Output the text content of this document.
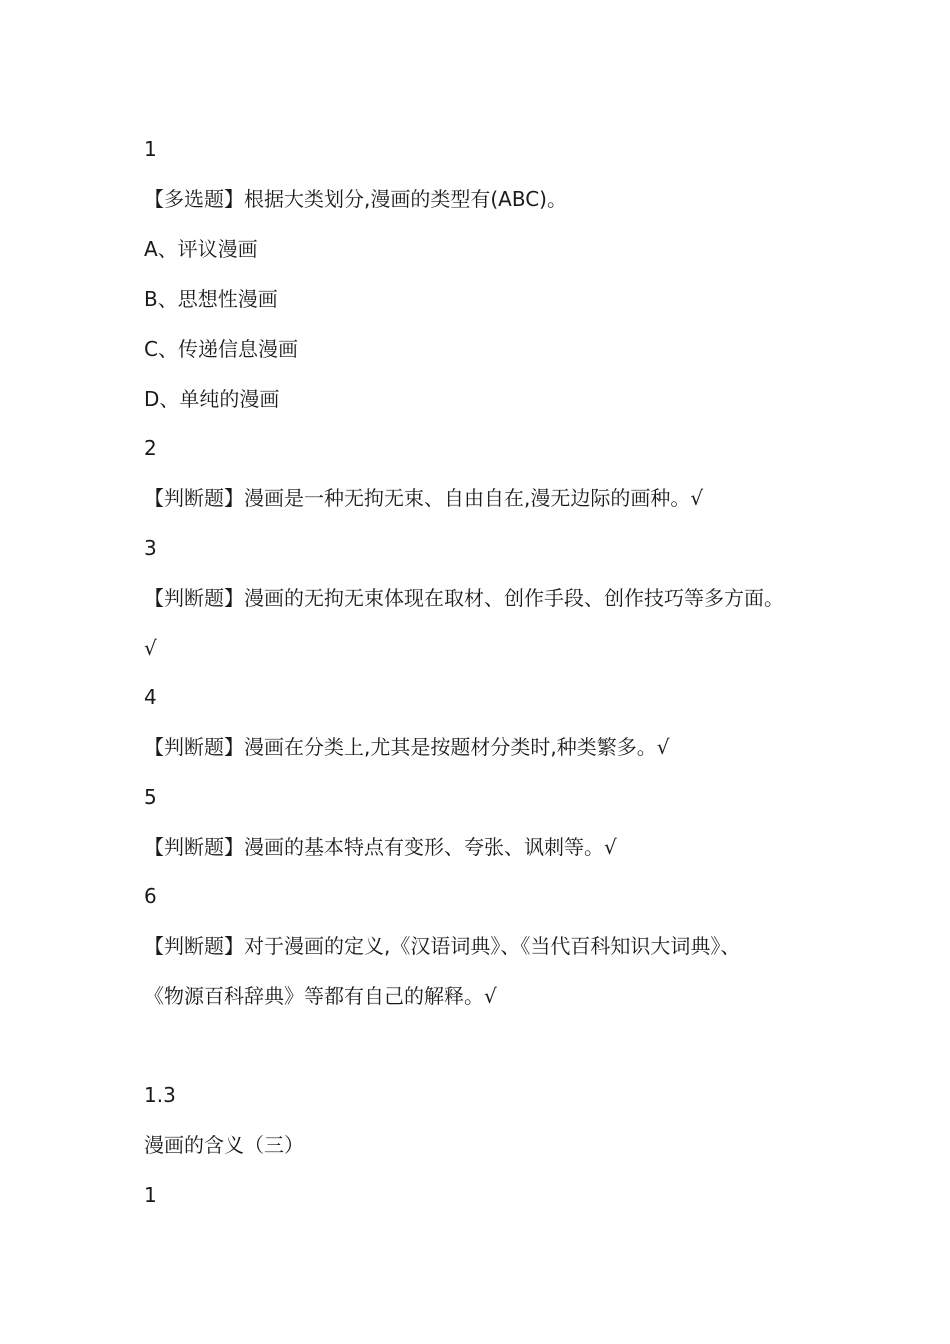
1
【多选题】根据大类划分,漫画的类型有(ABC)。
A、评议漫画
B、思想性漫画
C、传递信息漫画
D、单纯的漫画
2
【判断题】漫画是一种无拘无束、自由自在,漫无边际的画种。√
3
【判断题】漫画的无拘无束体现在取材、创作手段、创作技巧等多方面。
√
4
【判断题】漫画在分类上,尤其是按题材分类时,种类繁多。√
5
【判断题】漫画的基本特点有变形、夸张、讽刺等。√
6
【判断题】对于漫画的定义,《汉语词典》、《当代百科知识大词典》、
《物源百科辞典》等都有自己的解释。√
1.3
漫画的含义（三）
1
